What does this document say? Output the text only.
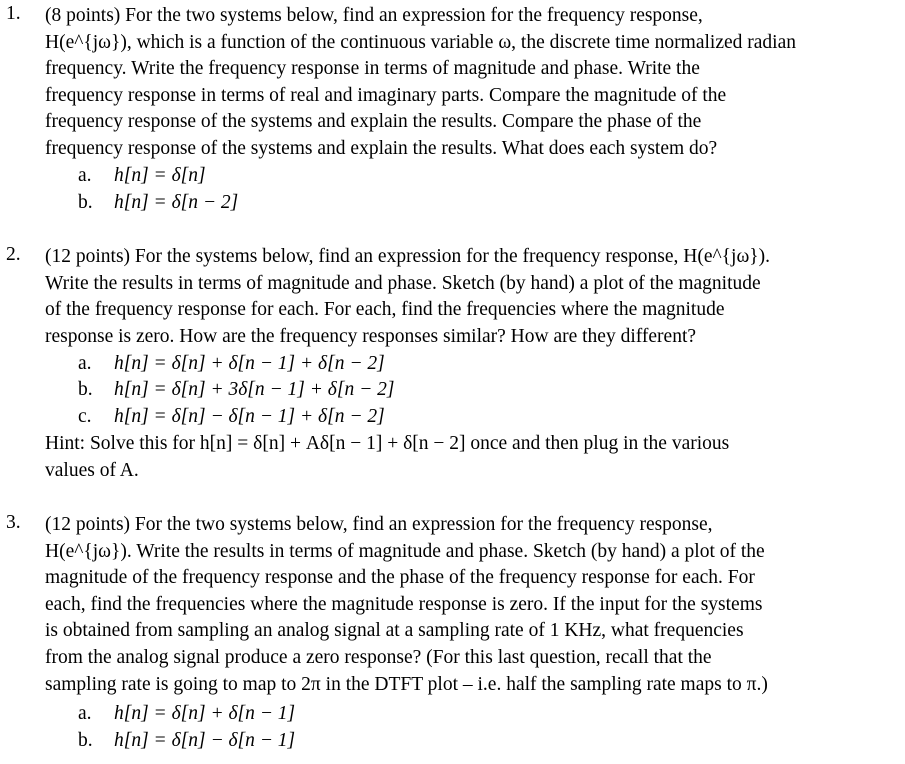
1. (8 points) For the two systems below, find an expression for the frequency response,
H(e^{jω}), which is a function of the continuous variable ω, the discrete time normalized radian
frequency. Write the frequency response in terms of magnitude and phase. Write the
frequency response in terms of real and imaginary parts. Compare the magnitude of the
frequency response of the systems and explain the results. Compare the phase of the
frequency response of the systems and explain the results. What does each system do?
a. h[n] = δ[n]
b. h[n] = δ[n − 2]
2. (12 points) For the systems below, find an expression for the frequency response, H(e^{jω}).
Write the results in terms of magnitude and phase. Sketch (by hand) a plot of the magnitude
of the frequency response for each. For each, find the frequencies where the magnitude
response is zero. How are the frequency responses similar? How are they different?
a. h[n] = δ[n] + δ[n − 1] + δ[n − 2]
b. h[n] = δ[n] + 3δ[n − 1] + δ[n − 2]
c. h[n] = δ[n] − δ[n − 1] + δ[n − 2]
Hint: Solve this for h[n] = δ[n] + Aδ[n − 1] + δ[n − 2] once and then plug in the various
values of A.
3. (12 points) For the two systems below, find an expression for the frequency response,
H(e^{jω}). Write the results in terms of magnitude and phase. Sketch (by hand) a plot of the
magnitude of the frequency response and the phase of the frequency response for each. For
each, find the frequencies where the magnitude response is zero. If the input for the systems
is obtained from sampling an analog signal at a sampling rate of 1 KHz, what frequencies
from the analog signal produce a zero response? (For this last question, recall that the
sampling rate is going to map to 2π in the DTFT plot – i.e. half the sampling rate maps to π.)
a. h[n] = δ[n] + δ[n − 1]
b. h[n] = δ[n] − δ[n − 1]
